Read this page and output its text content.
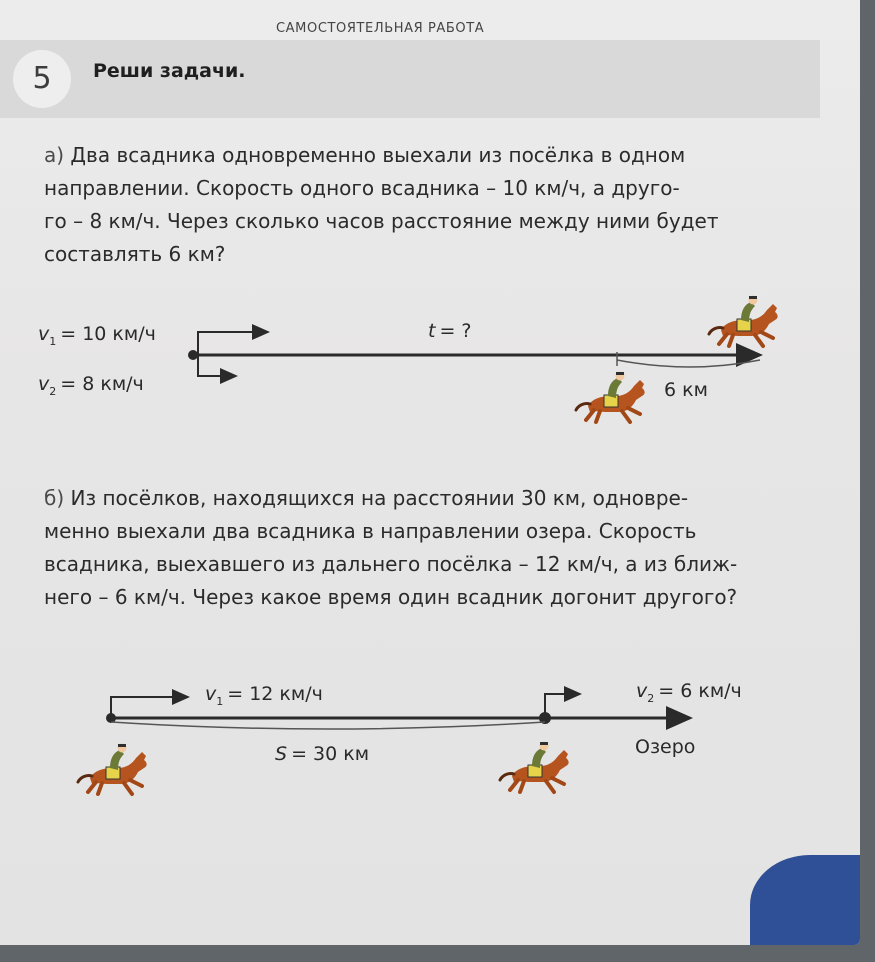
САМОСТОЯТЕЛЬНАЯ РАБОТА
5	Реши задачи.
а) Два всадника одновременно выехали из посёлка в одном
направлении. Скорость одного всадника – 10 км/ч, а друго-
го – 8 км/ч. Через сколько часов расстояние между ними будет
составлять 6 км?
$v_1 = 10$ км/ч
$v_2 = 8$ км/ч
t = ?
6 км
б) Из посёлков, находящихся на расстоянии 30 км, одновре-
менно выехали два всадника в направлении озера. Скорость
всадника, выехавшего из дальнего посёлка – 12 км/ч, а из ближ-
него – 6 км/ч. Через какое время один всадник догонит другого?
$v_1 = 12$ км/ч	$v_2 = 6$ км/ч
S = 30 км	Озеро
